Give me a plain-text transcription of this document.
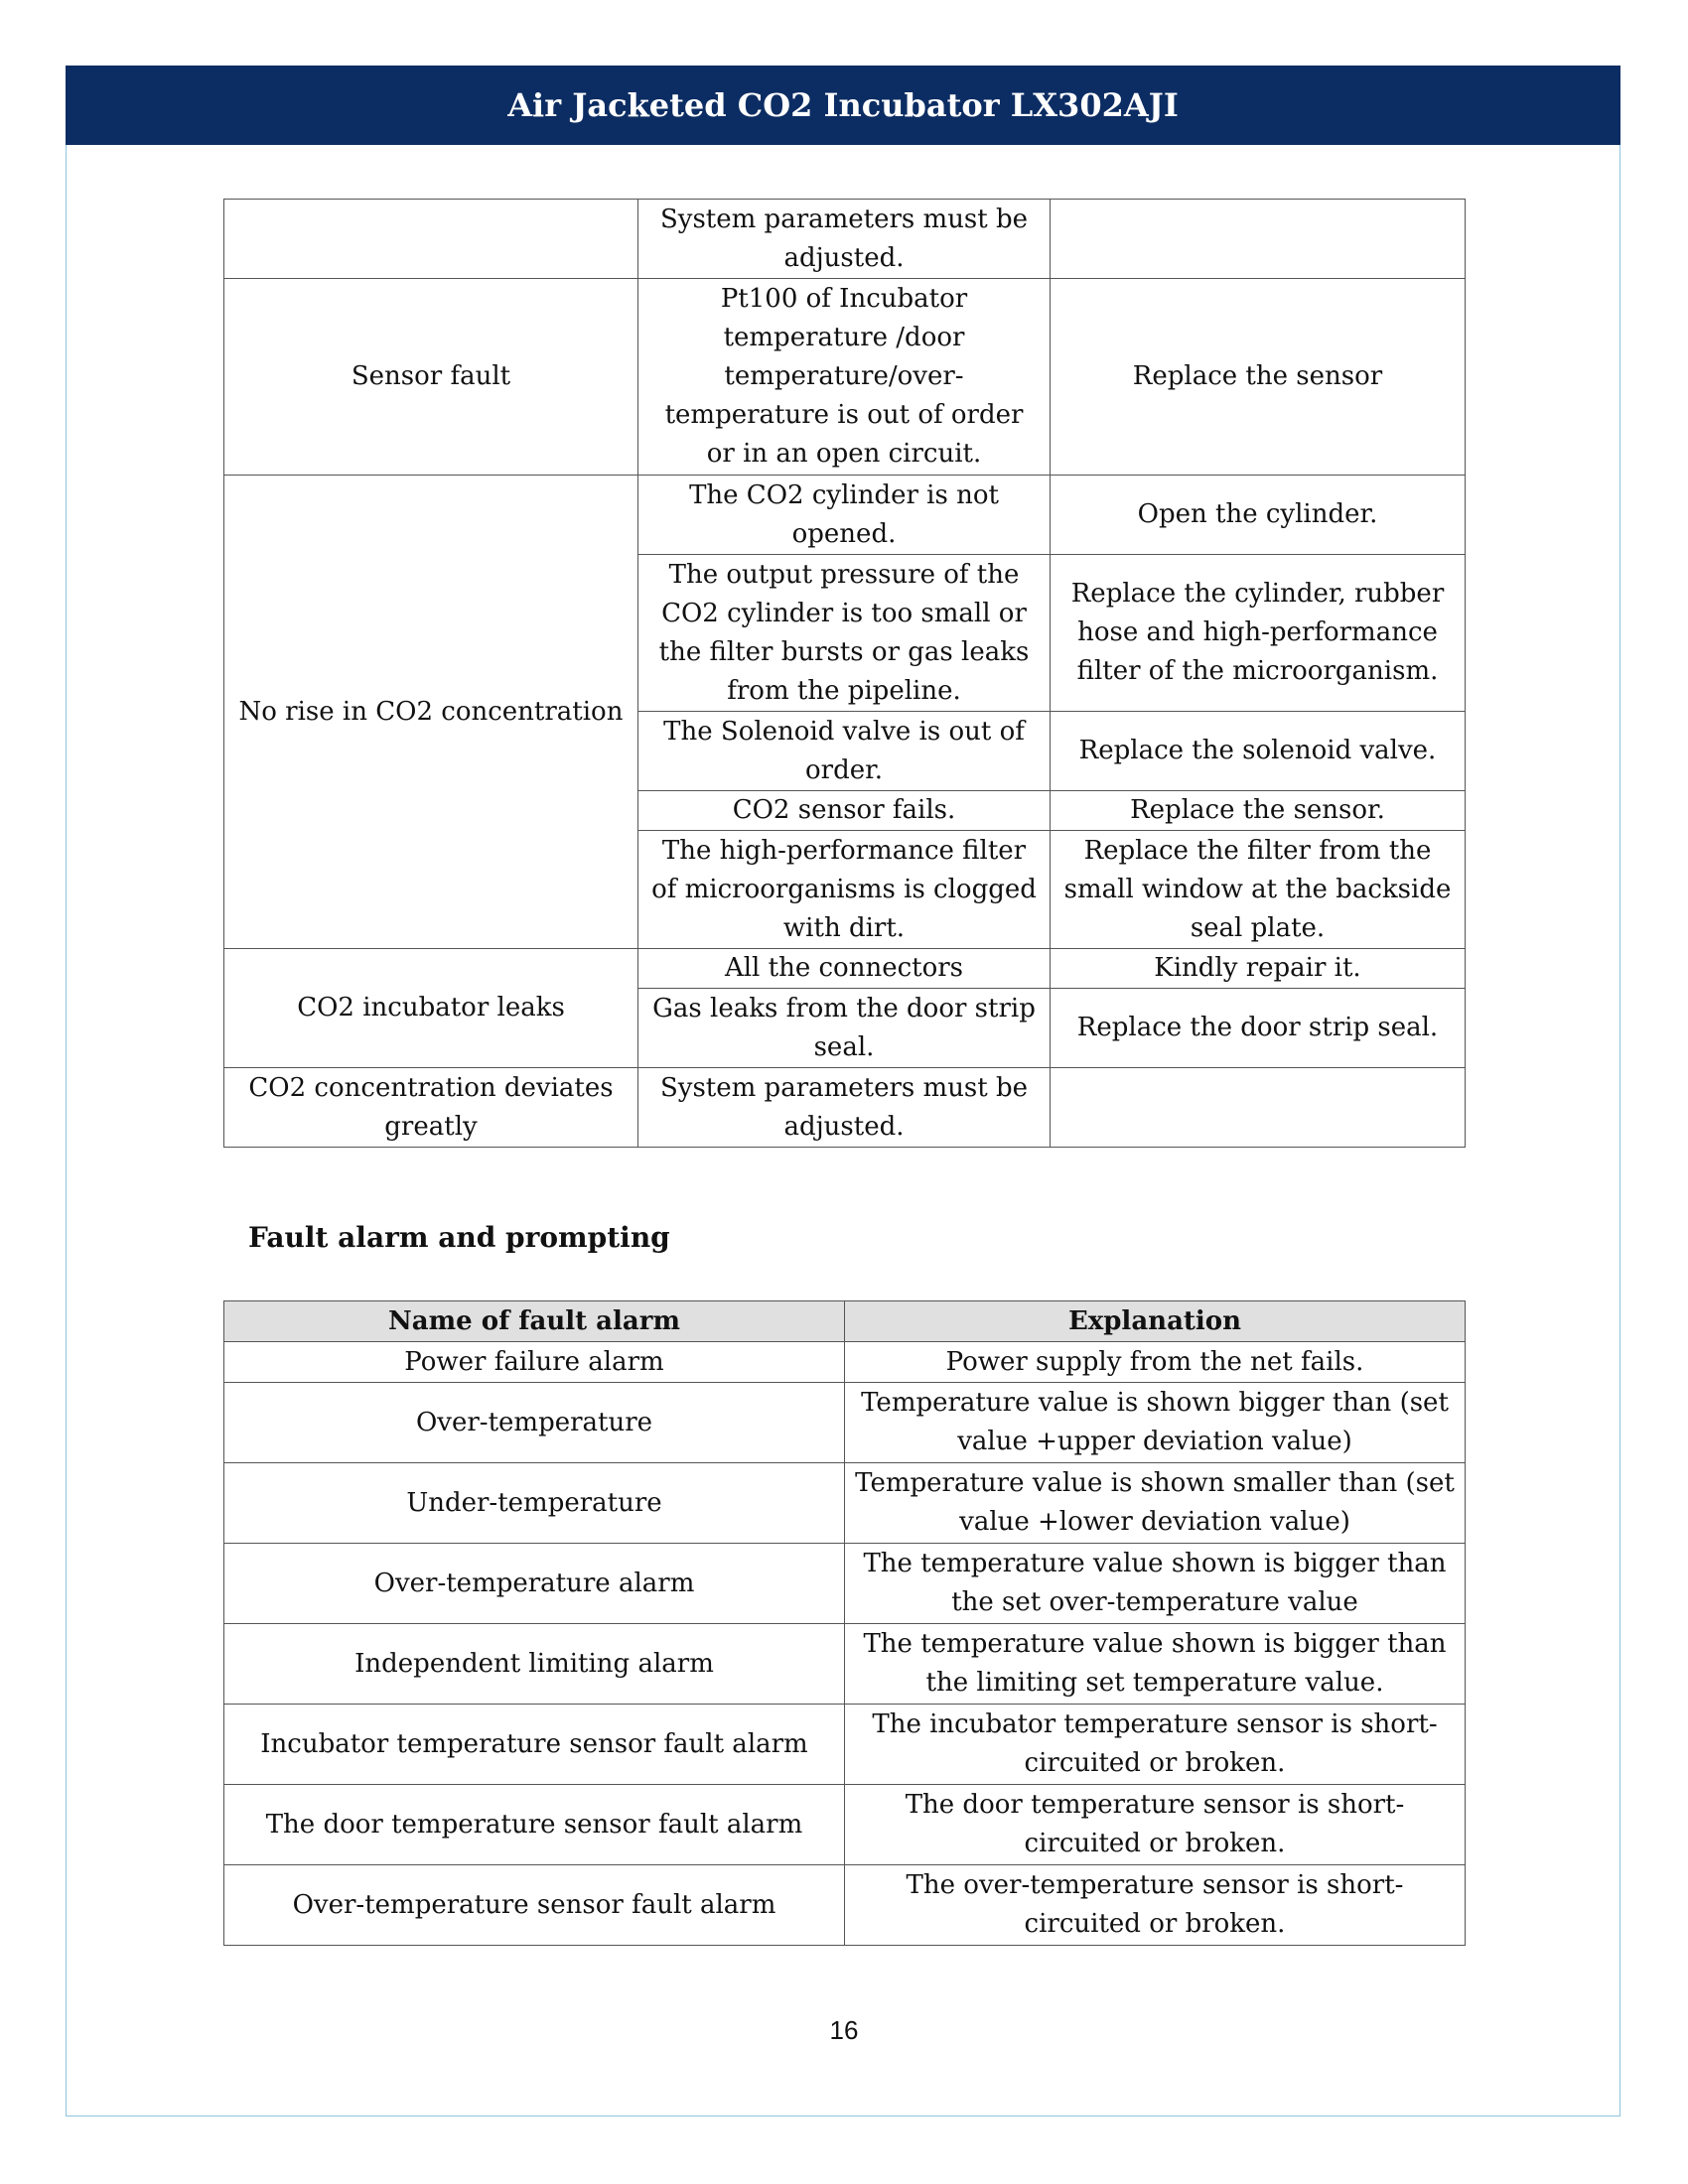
Air Jacketed CO2 Incubator LX302AJI
	System parameters must be adjusted.	
Sensor fault	Pt100 of Incubator temperature /door temperature/over-temperature is out of order or in an open circuit.	Replace the sensor
No rise in CO2 concentration	The CO2 cylinder is not opened.	Open the cylinder.
	The output pressure of the CO2 cylinder is too small or the filter bursts or gas leaks from the pipeline.	Replace the cylinder, rubber hose and high-performance filter of the microorganism.
	The Solenoid valve is out of order.	Replace the solenoid valve.
	CO2 sensor fails.	Replace the sensor.
	The high-performance filter of microorganisms is clogged with dirt.	Replace the filter from the small window at the backside seal plate.
CO2 incubator leaks	All the connectors	Kindly repair it.
	Gas leaks from the door strip seal.	Replace the door strip seal.
CO2 concentration deviates greatly	System parameters must be adjusted.	
Fault alarm and prompting
Name of fault alarm	Explanation
Power failure alarm	Power supply from the net fails.
Over-temperature	Temperature value is shown bigger than (set value +upper deviation value)
Under-temperature	Temperature value is shown smaller than (set value +lower deviation value)
Over-temperature alarm	The temperature value shown is bigger than the set over-temperature value
Independent limiting alarm	The temperature value shown is bigger than the limiting set temperature value.
Incubator temperature sensor fault alarm	The incubator temperature sensor is short-circuited or broken.
The door temperature sensor fault alarm	The door temperature sensor is short-circuited or broken.
Over-temperature sensor fault alarm	The over-temperature sensor is short-circuited or broken.
16
